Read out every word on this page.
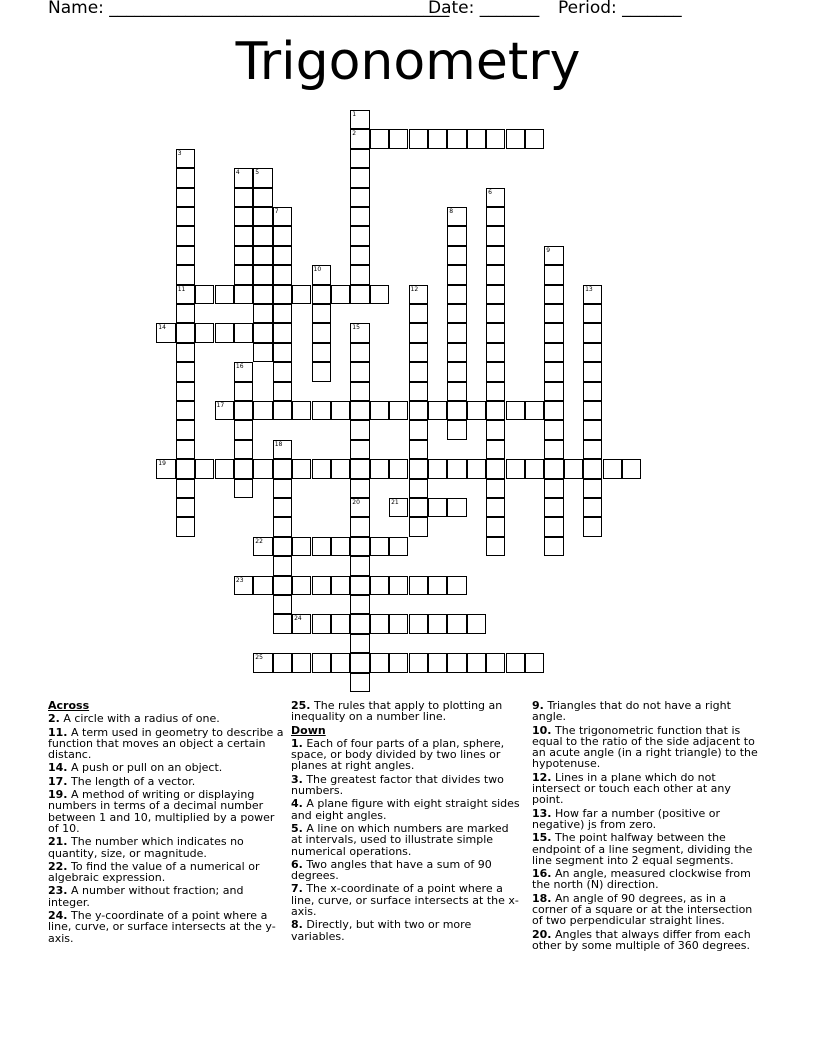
Name: ________________________________________
Date: _______ Period: _______
Trigonometry
1
2
3
11
4	5
6
7	8
9
10
12	13
14	15
20
16
17
18
19
21
22
23
24
25
Across
2. A circle with a radius of one.
11. A term used in geometry to describe a function that moves an object a certain distanc.
14. A push or pull on an object.
17. The length of a vector.
19. A method of writing or displaying numbers in terms of a decimal number between 1 and 10, multiplied by a power of 10.
21. The number which indicates no quantity, size, or magnitude.
22. To find the value of a numerical or algebraic expression.
23. A number without fraction; and integer.
24. The y-coordinate of a point where a line, curve, or surface intersects at the y-axis.
25. The rules that apply to plotting an inequality on a number line.
Down
1. Each of four parts of a plan, sphere, space, or body divided by two lines or planes at right angles.
3. The greatest factor that divides two numbers.
4. A plane figure with eight straight sides and eight angles.
5. A line on which numbers are marked at intervals, used to illustrate simple numerical operations.
6. Two angles that have a sum of 90 degrees.
7. The x-coordinate of a point where a line, curve, or surface intersects at the x-axis.
8. Directly, but with two or more variables.
9. Triangles that do not have a right angle.
10. The trigonometric function that is equal to the ratio of the side adjacent to an acute angle (in a right triangle) to the hypotenuse.
12. Lines in a plane which do not intersect or touch each other at any point.
13. How far a number (positive or negative) js from zero.
15. The point halfway between the endpoint of a line segment, dividing the line segment into 2 equal segments.
16. An angle, measured clockwise from the north (N) direction.
18. An angle of 90 degrees, as in a corner of a square or at the intersection of two perpendicular straight lines.
20. Angles that always differ from each other by some multiple of 360 degrees.
